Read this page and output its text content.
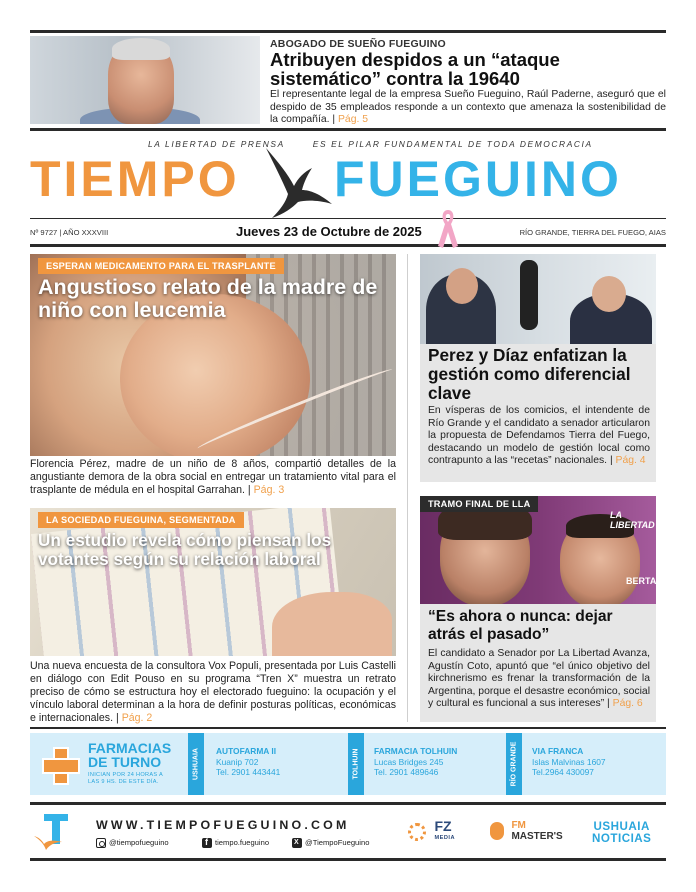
ABOGADO DE SUEÑO FUEGUINO
Atribuyen despidos a un “ataque sistemático” contra la 19640
El representante legal de la empresa Sueño Fueguino, Raúl Paderne, aseguró que el despido de 35 empleados responde a un contexto que amenaza la sostenibilidad de la compañía. | Pág. 5
LA LIBERTAD DE PRENSA	ES EL PILAR FUNDAMENTAL DE TODA DEMOCRACIA
TIEMPO FUEGUINO
Nº 9727 | AÑO XXXVIII	Jueves 23 de Octubre de 2025	RÍO GRANDE, TIERRA DEL FUEGO, AIAS
ESPERAN MEDICAMENTO PARA EL TRASPLANTE
Angustioso relato de la madre de niño con leucemia
Florencia Pérez, madre de un niño de 8 años, compartió detalles de la angustiante demora de la obra social en entregar un tratamiento vital para el trasplante de médula en el hospital Garrahan. | Pág. 3
LA SOCIEDAD FUEGUINA, SEGMENTADA
Un estudio revela cómo piensan los votantes según su relación laboral
Una nueva encuesta de la consultora Vox Populi, presentada por Luis Castelli en diálogo con Edit Pouso en su programa “Tren X” muestra un retrato preciso de cómo se estructura hoy el electorado fueguino: la ocupación y el vínculo laboral determinan a la hora de definir posturas políticas, económicas e internacionales. | Pág. 2
Perez y Díaz enfatizan la gestión como diferencial clave
En vísperas de los comicios, el intendente de Río Grande y el candidato a senador articularon la propuesta de Defendamos Tierra del Fuego, destacando un modelo de gestión local como contrapunto a las “recetas” nacionales. | Pág. 4
LA LIBERTAD
BERTA
TRAMO FINAL DE LLA
“Es ahora o nunca: dejar atrás el pasado”
El candidato a Senador por La Libertad Avanza, Agustín Coto, apuntó que “el único objetivo del kirchnerismo es frenar la transformación de la Argentina, porque el desastre económico, social y cultural es funcional a sus intereses” | Pág. 6
FARMACIAS
DE TURNO
INICIAN POR 24 HORAS A LAS 9 HS. DE ESTE DÍA.
USHUAIA AUTOFARMA II
Kuanip 702
Tel. 2901 443441	TOLHUIN FARMACIA TOLHUIN
Lucas Bridges 245
Tel. 2901 489646	RÍO GRANDE VIA FRANCA
Islas Malvinas 1607
Tel.2964 430097
WWW.TIEMPOFUEGUINO.COM
@tiempofueguino f	tiempo.fueguino X	@TiempoFueguino
FZ
MEDIA

FM
MASTER'S
USHUAIA
NOTICIAS
